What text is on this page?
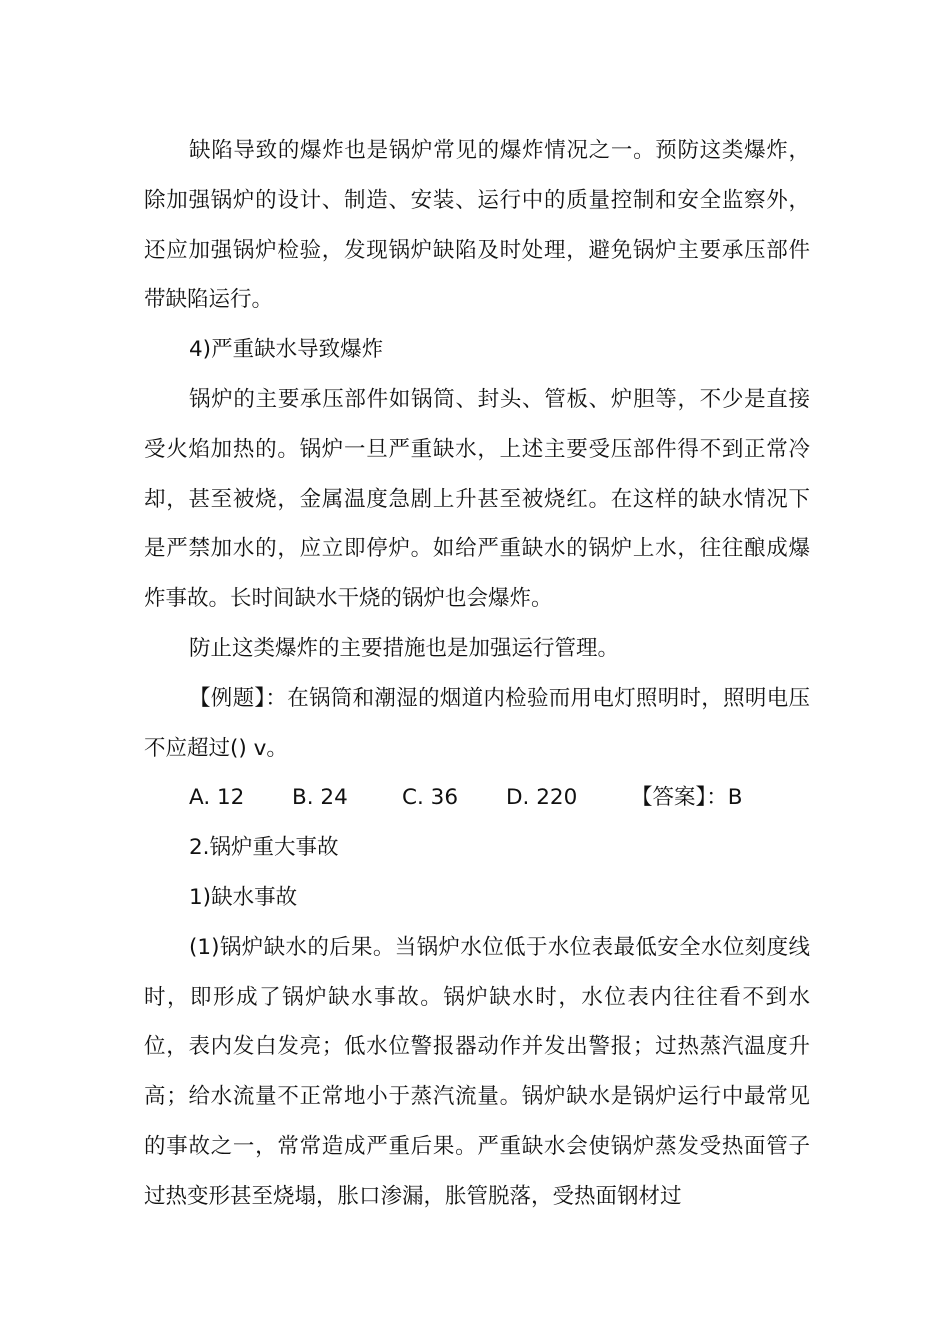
缺陷导致的爆炸也是锅炉常见的爆炸情况之一。预防这类爆炸，除加强锅炉的设计、制造、安装、运行中的质量控制和安全监察外，还应加强锅炉检验，发现锅炉缺陷及时处理，避免锅炉主要承压部件带缺陷运行。

4)严重缺水导致爆炸

锅炉的主要承压部件如锅筒、封头、管板、炉胆等，不少是直接受火焰加热的。锅炉一旦严重缺水，上述主要受压部件得不到正常冷却，甚至被烧，金属温度急剧上升甚至被烧红。在这样的缺水情况下是严禁加水的，应立即停炉。如给严重缺水的锅炉上水，往往酿成爆炸事故。长时间缺水干烧的锅炉也会爆炸。

防止这类爆炸的主要措施也是加强运行管理。

【例题】：在锅筒和潮湿的烟道内检验而用电灯照明时，照明电压不应超过() v。

A. 12 B. 24	C. 36 D. 220 【答案】：B

2.锅炉重大事故

1)缺水事故

(1)锅炉缺水的后果。当锅炉水位低于水位表最低安全水位刻度线时，即形成了锅炉缺水事故。锅炉缺水时，水位表内往往看不到水位，表内发白发亮；低水位警报器动作并发出警报；过热蒸汽温度升高；给水流量不正常地小于蒸汽流量。锅炉缺水是锅炉运行中最常见的事故之一，常常造成严重后果。严重缺水会使锅炉蒸发受热面管子过热变形甚至烧塌，胀口渗漏，胀管脱落，受热面钢材过
